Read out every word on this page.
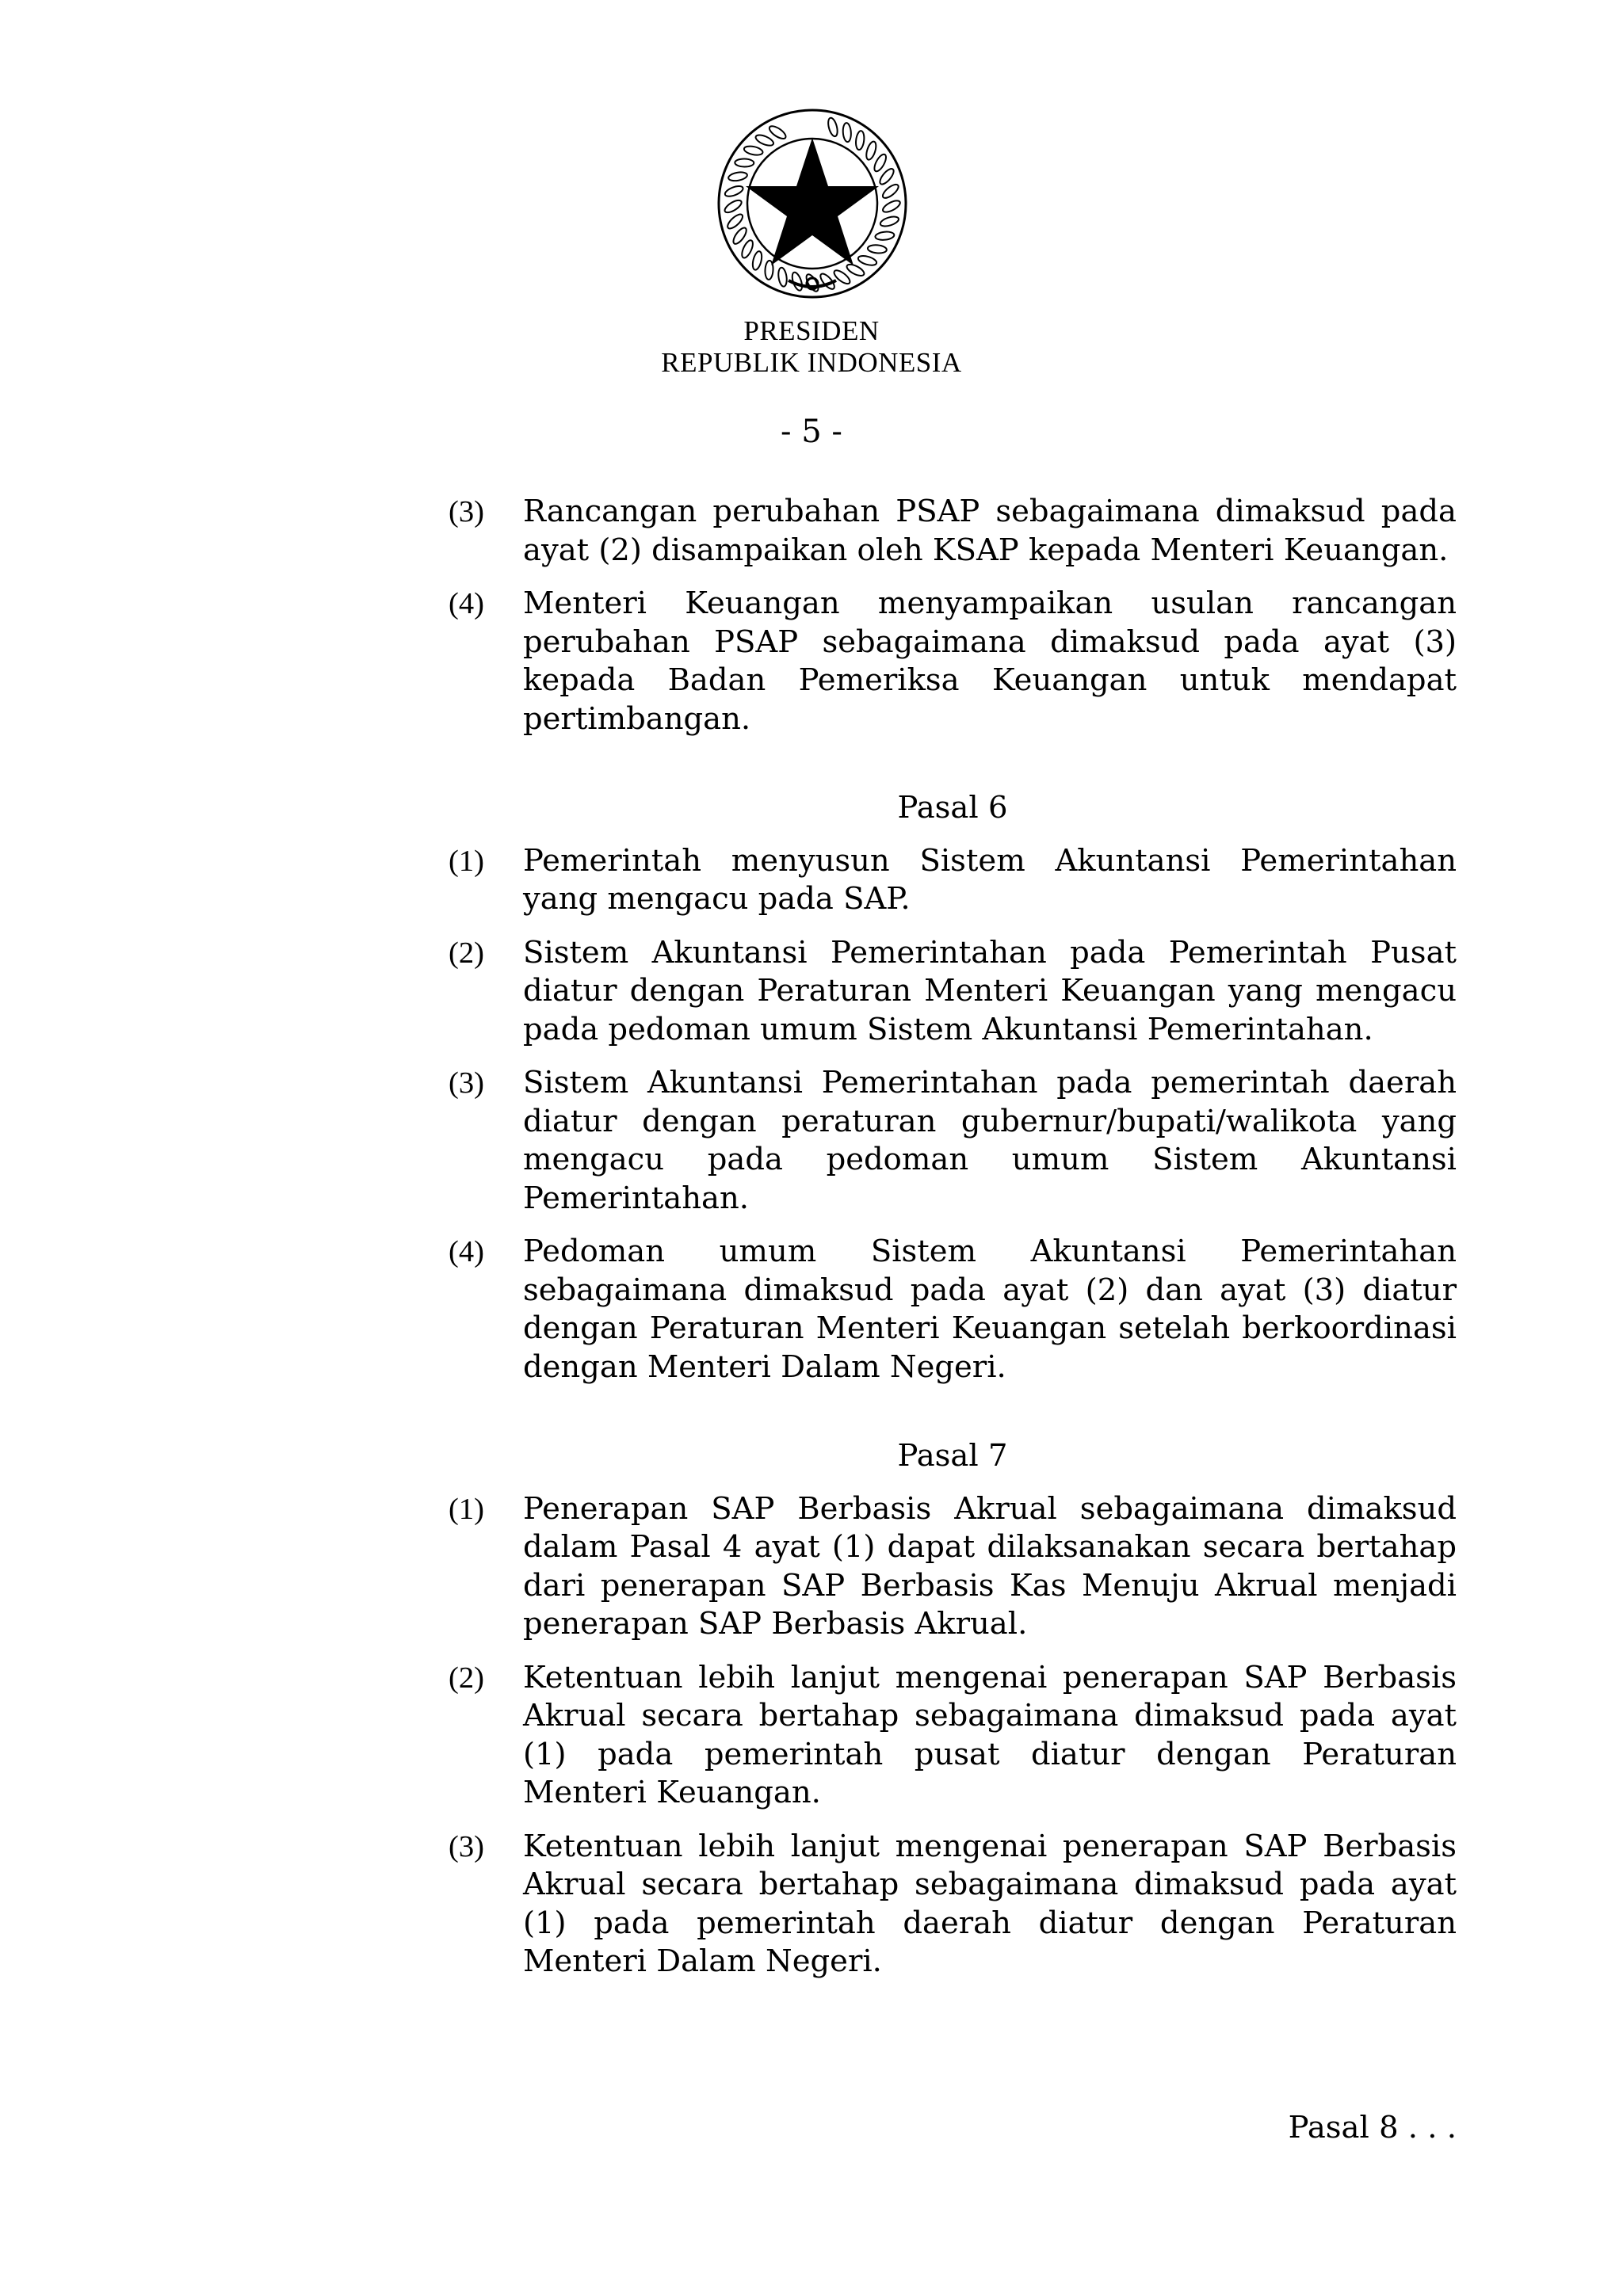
PRESIDEN
REPUBLIK INDONESIA
- 5 -
(3) Rancangan perubahan PSAP sebagaimana dimaksud pada ayat (2) disampaikan oleh KSAP kepada Menteri Keuangan.
(4) Menteri Keuangan menyampaikan usulan rancangan perubahan PSAP sebagaimana dimaksud pada ayat (3) kepada Badan Pemeriksa Keuangan untuk mendapat pertimbangan.
Pasal 6
(1) Pemerintah menyusun Sistem Akuntansi Pemerintahan yang mengacu pada SAP.
(2) Sistem Akuntansi Pemerintahan pada Pemerintah Pusat diatur dengan Peraturan Menteri Keuangan yang mengacu pada pedoman umum Sistem Akuntansi Pemerintahan.
(3) Sistem Akuntansi Pemerintahan pada pemerintah daerah diatur dengan peraturan gubernur/bupati/walikota yang mengacu pada pedoman umum Sistem Akuntansi Pemerintahan.
(4) Pedoman umum Sistem Akuntansi Pemerintahan sebagaimana dimaksud pada ayat (2) dan ayat (3) diatur dengan Peraturan Menteri Keuangan setelah berkoordinasi dengan Menteri Dalam Negeri.
Pasal 7
(1) Penerapan SAP Berbasis Akrual sebagaimana dimaksud dalam Pasal 4 ayat (1) dapat dilaksanakan secara bertahap dari penerapan SAP Berbasis Kas Menuju Akrual menjadi penerapan SAP Berbasis Akrual.
(2) Ketentuan lebih lanjut mengenai penerapan SAP Berbasis Akrual secara bertahap sebagaimana dimaksud pada ayat (1) pada pemerintah pusat diatur dengan Peraturan Menteri Keuangan.
(3) Ketentuan lebih lanjut mengenai penerapan SAP Berbasis Akrual secara bertahap sebagaimana dimaksud pada ayat (1) pada pemerintah daerah diatur dengan Peraturan Menteri Dalam Negeri.
Pasal 8 . . .
